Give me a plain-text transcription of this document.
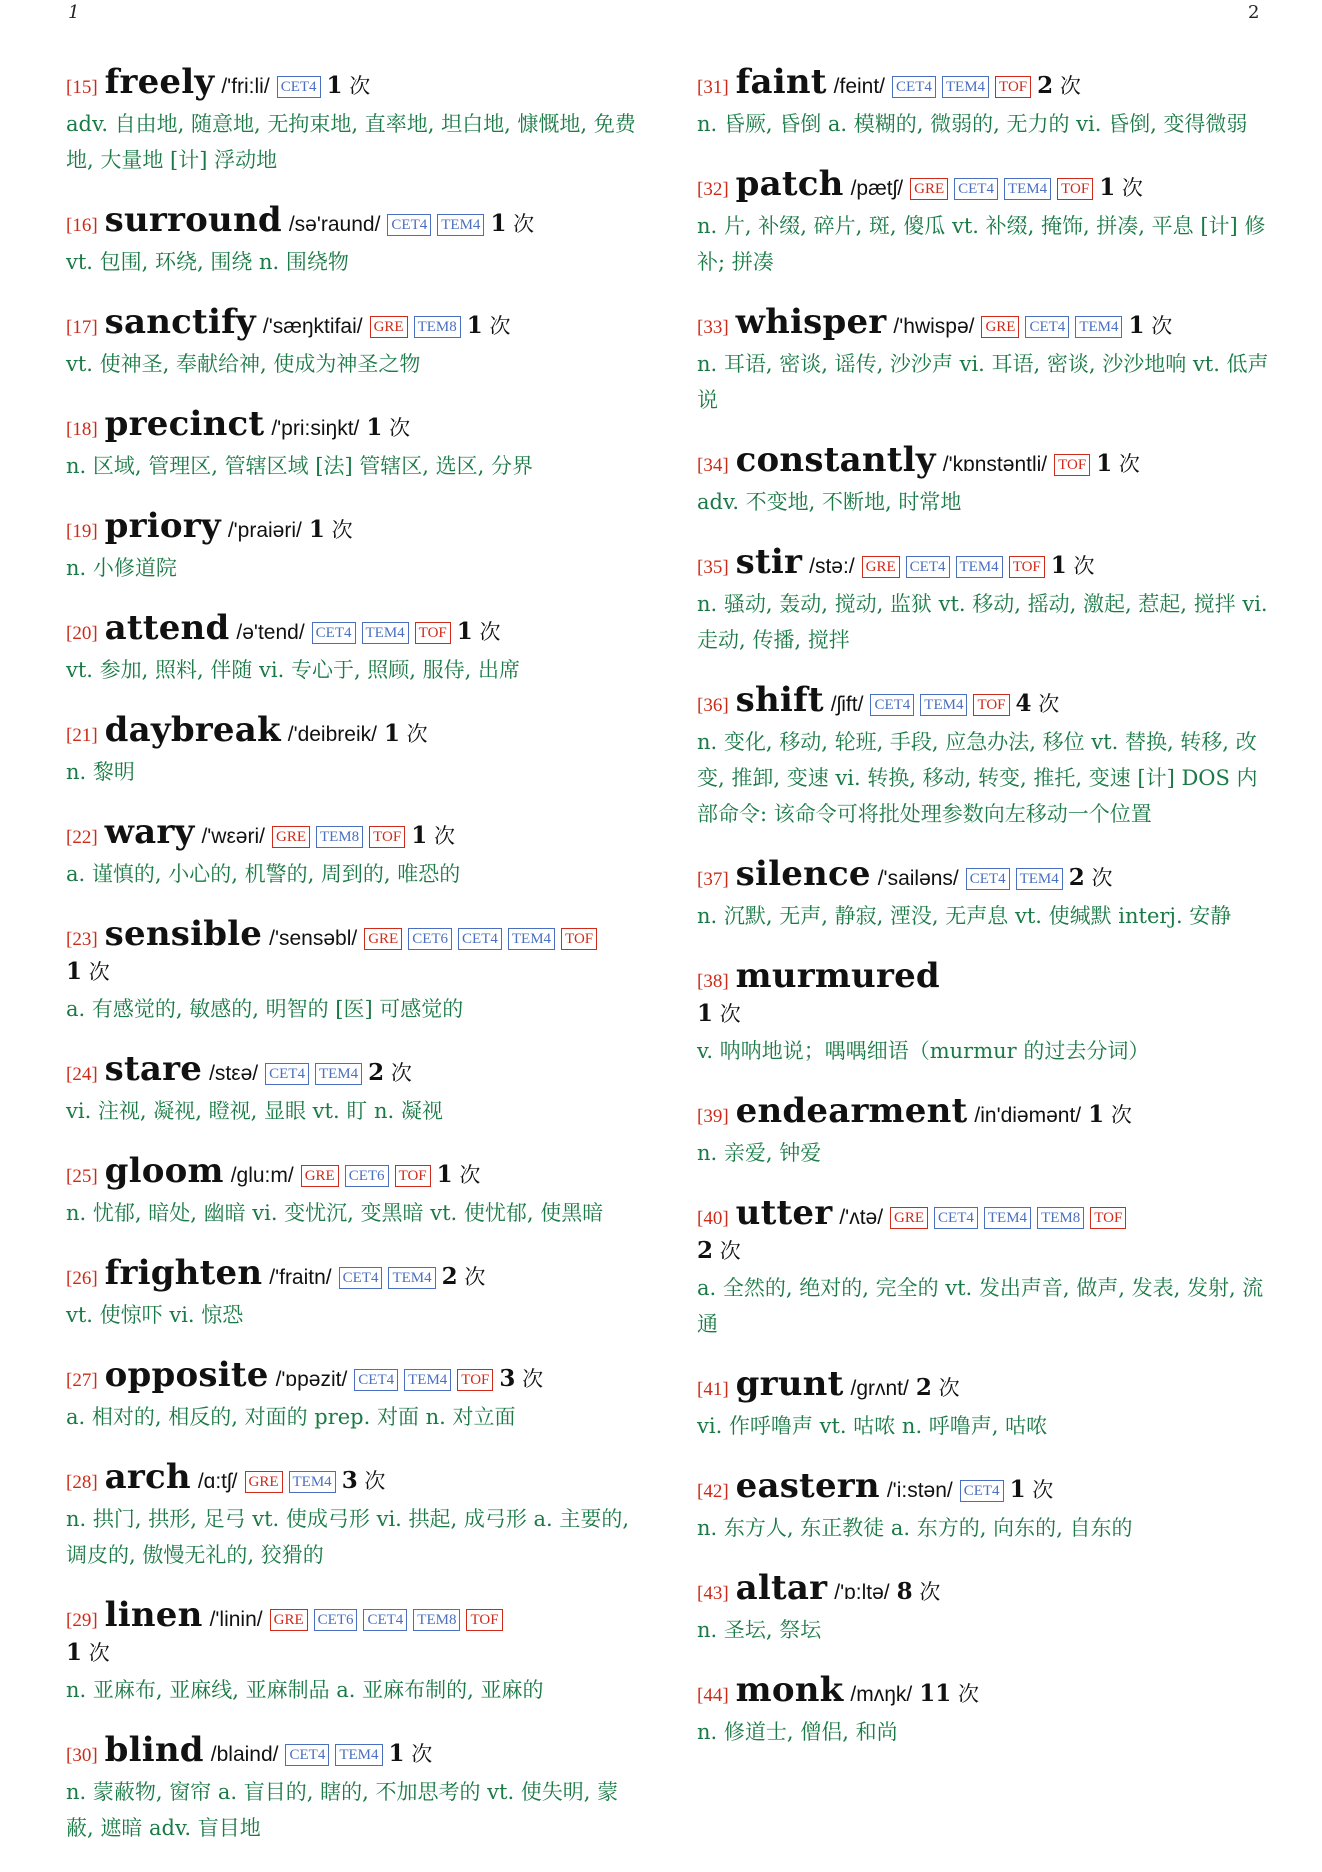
1	2
[15] freely /'fri:li/ CET4 1 次
adv. 自由地, 随意地, 无拘束地, 直率地, 坦白地, 慷慨地, 免费地, 大量地 [计] 浮动地
[16] surround /sə'raund/ CET4 TEM4 1 次
vt. 包围, 环绕, 围绕 n. 围绕物
[17] sanctify /'sæŋktifai/ GRE TEM8 1 次
vt. 使神圣, 奉献给神, 使成为神圣之物
[18] precinct /'pri:siŋkt/ 1 次
n. 区域, 管理区, 管辖区域 [法] 管辖区, 选区, 分界
[19] priory /'praiəri/ 1 次
n. 小修道院
[20] attend /ə'tend/ CET4 TEM4 TOF 1 次
vt. 参加, 照料, 伴随 vi. 专心于, 照顾, 服侍, 出席
[21] daybreak /'deibreik/ 1 次
n. 黎明
[22] wary /'wεəri/ GRE TEM8 TOF 1 次
a. 谨慎的, 小心的, 机警的, 周到的, 唯恐的
[23] sensible /'sensəbl/ GRE CET6 CET4 TEM4 TOF
1 次
a. 有感觉的, 敏感的, 明智的 [医] 可感觉的
[24] stare /stεə/ CET4 TEM4 2 次
vi. 注视, 凝视, 瞪视, 显眼 vt. 盯 n. 凝视
[25] gloom /glu:m/ GRE CET6 TOF 1 次
n. 忧郁, 暗处, 幽暗 vi. 变忧沉, 变黑暗 vt. 使忧郁, 使黑暗
[26] frighten /'fraitn/ CET4 TEM4 2 次
vt. 使惊吓 vi. 惊恐
[27] opposite /'ɒpəzit/ CET4 TEM4 TOF 3 次
a. 相对的, 相反的, 对面的 prep. 对面 n. 对立面
[28] arch /ɑ:tʃ/ GRE TEM4 3 次
n. 拱门, 拱形, 足弓 vt. 使成弓形 vi. 拱起, 成弓形 a. 主要的, 调皮的, 傲慢无礼的, 狡猾的
[29] linen /'linin/ GRE CET6 CET4 TEM8 TOF
1 次
n. 亚麻布, 亚麻线, 亚麻制品 a. 亚麻布制的, 亚麻的
[30] blind /blaind/ CET4 TEM4 1 次
n. 蒙蔽物, 窗帘 a. 盲目的, 瞎的, 不加思考的 vt. 使失明, 蒙蔽, 遮暗 adv. 盲目地
[31] faint /feint/ CET4 TEM4 TOF 2 次
n. 昏厥, 昏倒 a. 模糊的, 微弱的, 无力的 vi. 昏倒, 变得微弱
[32] patch /pætʃ/ GRE CET4 TEM4 TOF 1 次
n. 片, 补缀, 碎片, 斑, 傻瓜 vt. 补缀, 掩饰, 拼凑, 平息 [计] 修补; 拼凑
[33] whisper /'hwispə/ GRE CET4 TEM4 1 次
n. 耳语, 密谈, 谣传, 沙沙声 vi. 耳语, 密谈, 沙沙地响 vt. 低声说
[34] constantly /'kɒnstəntli/ TOF 1 次
adv. 不变地, 不断地, 时常地
[35] stir /stə:/ GRE CET4 TEM4 TOF 1 次
n. 骚动, 轰动, 搅动, 监狱 vt. 移动, 摇动, 激起, 惹起, 搅拌 vi. 走动, 传播, 搅拌
[36] shift /ʃift/ CET4 TEM4 TOF 4 次
n. 变化, 移动, 轮班, 手段, 应急办法, 移位 vt. 替换, 转移, 改变, 推卸, 变速 vi. 转换, 移动, 转变, 推托, 变速 [计] DOS 内部命令: 该命令可将批处理参数向左移动一个位置
[37] silence /'sailəns/ CET4 TEM4 2 次
n. 沉默, 无声, 静寂, 湮没, 无声息 vt. 使缄默 interj. 安静
[38] murmured
1 次
v. 呐呐地说；喁喁细语（murmur 的过去分词）
[39] endearment /in'diəmənt/ 1 次
n. 亲爱, 钟爱
[40] utter /'ʌtə/ GRE CET4 TEM4 TEM8 TOF
2 次
a. 全然的, 绝对的, 完全的 vt. 发出声音, 做声, 发表, 发射, 流通
[41] grunt /grʌnt/ 2 次
vi. 作呼噜声 vt. 咕哝 n. 呼噜声, 咕哝
[42] eastern /'i:stən/ CET4 1 次
n. 东方人, 东正教徒 a. 东方的, 向东的, 自东的
[43] altar /'ɒ:ltə/ 8 次
n. 圣坛, 祭坛
[44] monk /mʌŋk/ 11 次
n. 修道士, 僧侣, 和尚
